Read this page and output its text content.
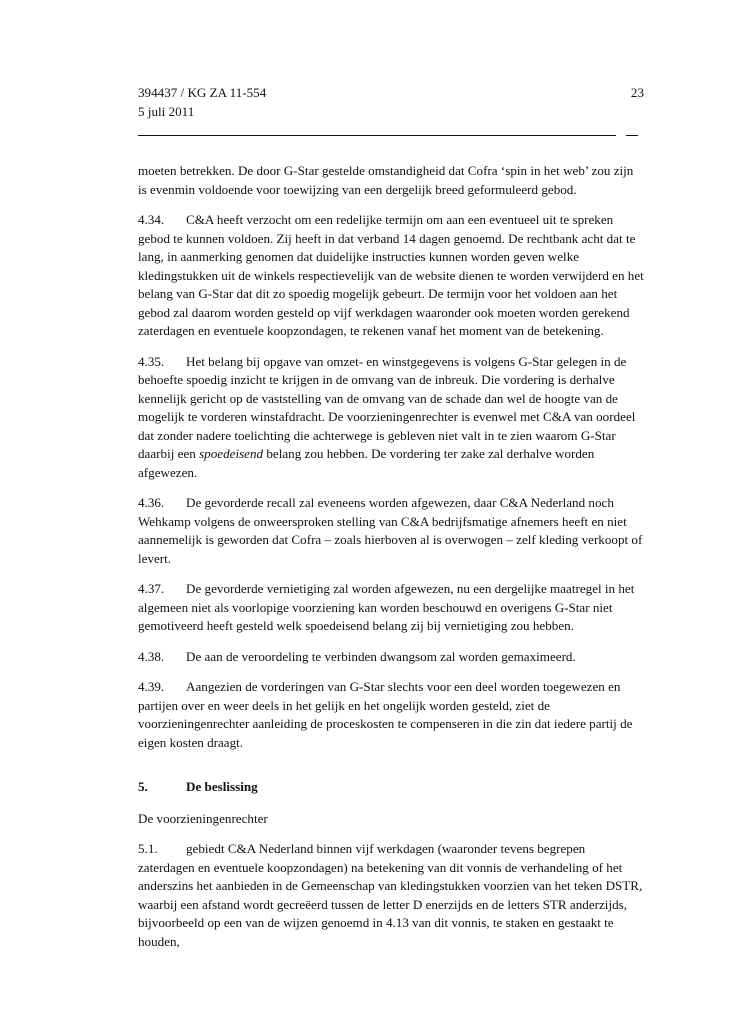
394437 / KG ZA 11-554	23
5 juli 2011

moeten betrekken. De door G-Star gestelde omstandigheid dat Cofra ‘spin in het web’ zou zijn is evenmin voldoende voor toewijzing van een dergelijk breed geformuleerd gebod.

4.34. C&A heeft verzocht om een redelijke termijn om aan een eventueel uit te spreken gebod te kunnen voldoen. Zij heeft in dat verband 14 dagen genoemd. De rechtbank acht dat te lang, in aanmerking genomen dat duidelijke instructies kunnen worden geven welke kledingstukken uit de winkels respectievelijk van de website dienen te worden verwijderd en het belang van G-Star dat dit zo spoedig mogelijk gebeurt. De termijn voor het voldoen aan het gebod zal daarom worden gesteld op vijf werkdagen waaronder ook moeten worden gerekend zaterdagen en eventuele koopzondagen, te rekenen vanaf het moment van de betekening.

4.35. Het belang bij opgave van omzet- en winstgegevens is volgens G-Star gelegen in de behoefte spoedig inzicht te krijgen in de omvang van de inbreuk. Die vordering is derhalve kennelijk gericht op de vaststelling van de omvang van de schade dan wel de hoogte van de mogelijk te vorderen winstafdracht. De voorzieningenrechter is evenwel met C&A van oordeel dat zonder nadere toelichting die achterwege is gebleven niet valt in te zien waarom G-Star daarbij een spoedeisend belang zou hebben. De vordering ter zake zal derhalve worden afgewezen.

4.36. De gevorderde recall zal eveneens worden afgewezen, daar C&A Nederland noch Wehkamp volgens de onweersproken stelling van C&A bedrijfsmatige afnemers heeft en niet aannemelijk is geworden dat Cofra – zoals hierboven al is overwogen – zelf kleding verkoopt of levert.

4.37. De gevorderde vernietiging zal worden afgewezen, nu een dergelijke maatregel in het algemeen niet als voorlopige voorziening kan worden beschouwd en overigens G-Star niet gemotiveerd heeft gesteld welk spoedeisend belang zij bij vernietiging zou hebben.

4.38. De aan de veroordeling te verbinden dwangsom zal worden gemaximeerd.

4.39. Aangezien de vorderingen van G-Star slechts voor een deel worden toegewezen en partijen over en weer deels in het gelijk en het ongelijk worden gesteld, ziet de voorzieningenrechter aanleiding de proceskosten te compenseren in die zin dat iedere partij de eigen kosten draagt.

5.	De beslissing

De voorzieningenrechter

5.1. gebiedt C&A Nederland binnen vijf werkdagen (waaronder tevens begrepen zaterdagen en eventuele koopzondagen) na betekening van dit vonnis de verhandeling of het anderszins het aanbieden in de Gemeenschap van kledingstukken voorzien van het teken DSTR, waarbij een afstand wordt gecreëerd tussen de letter D enerzijds en de letters STR anderzijds, bijvoorbeeld op een van de wijzen genoemd in 4.13 van dit vonnis, te staken en gestaakt te houden,
